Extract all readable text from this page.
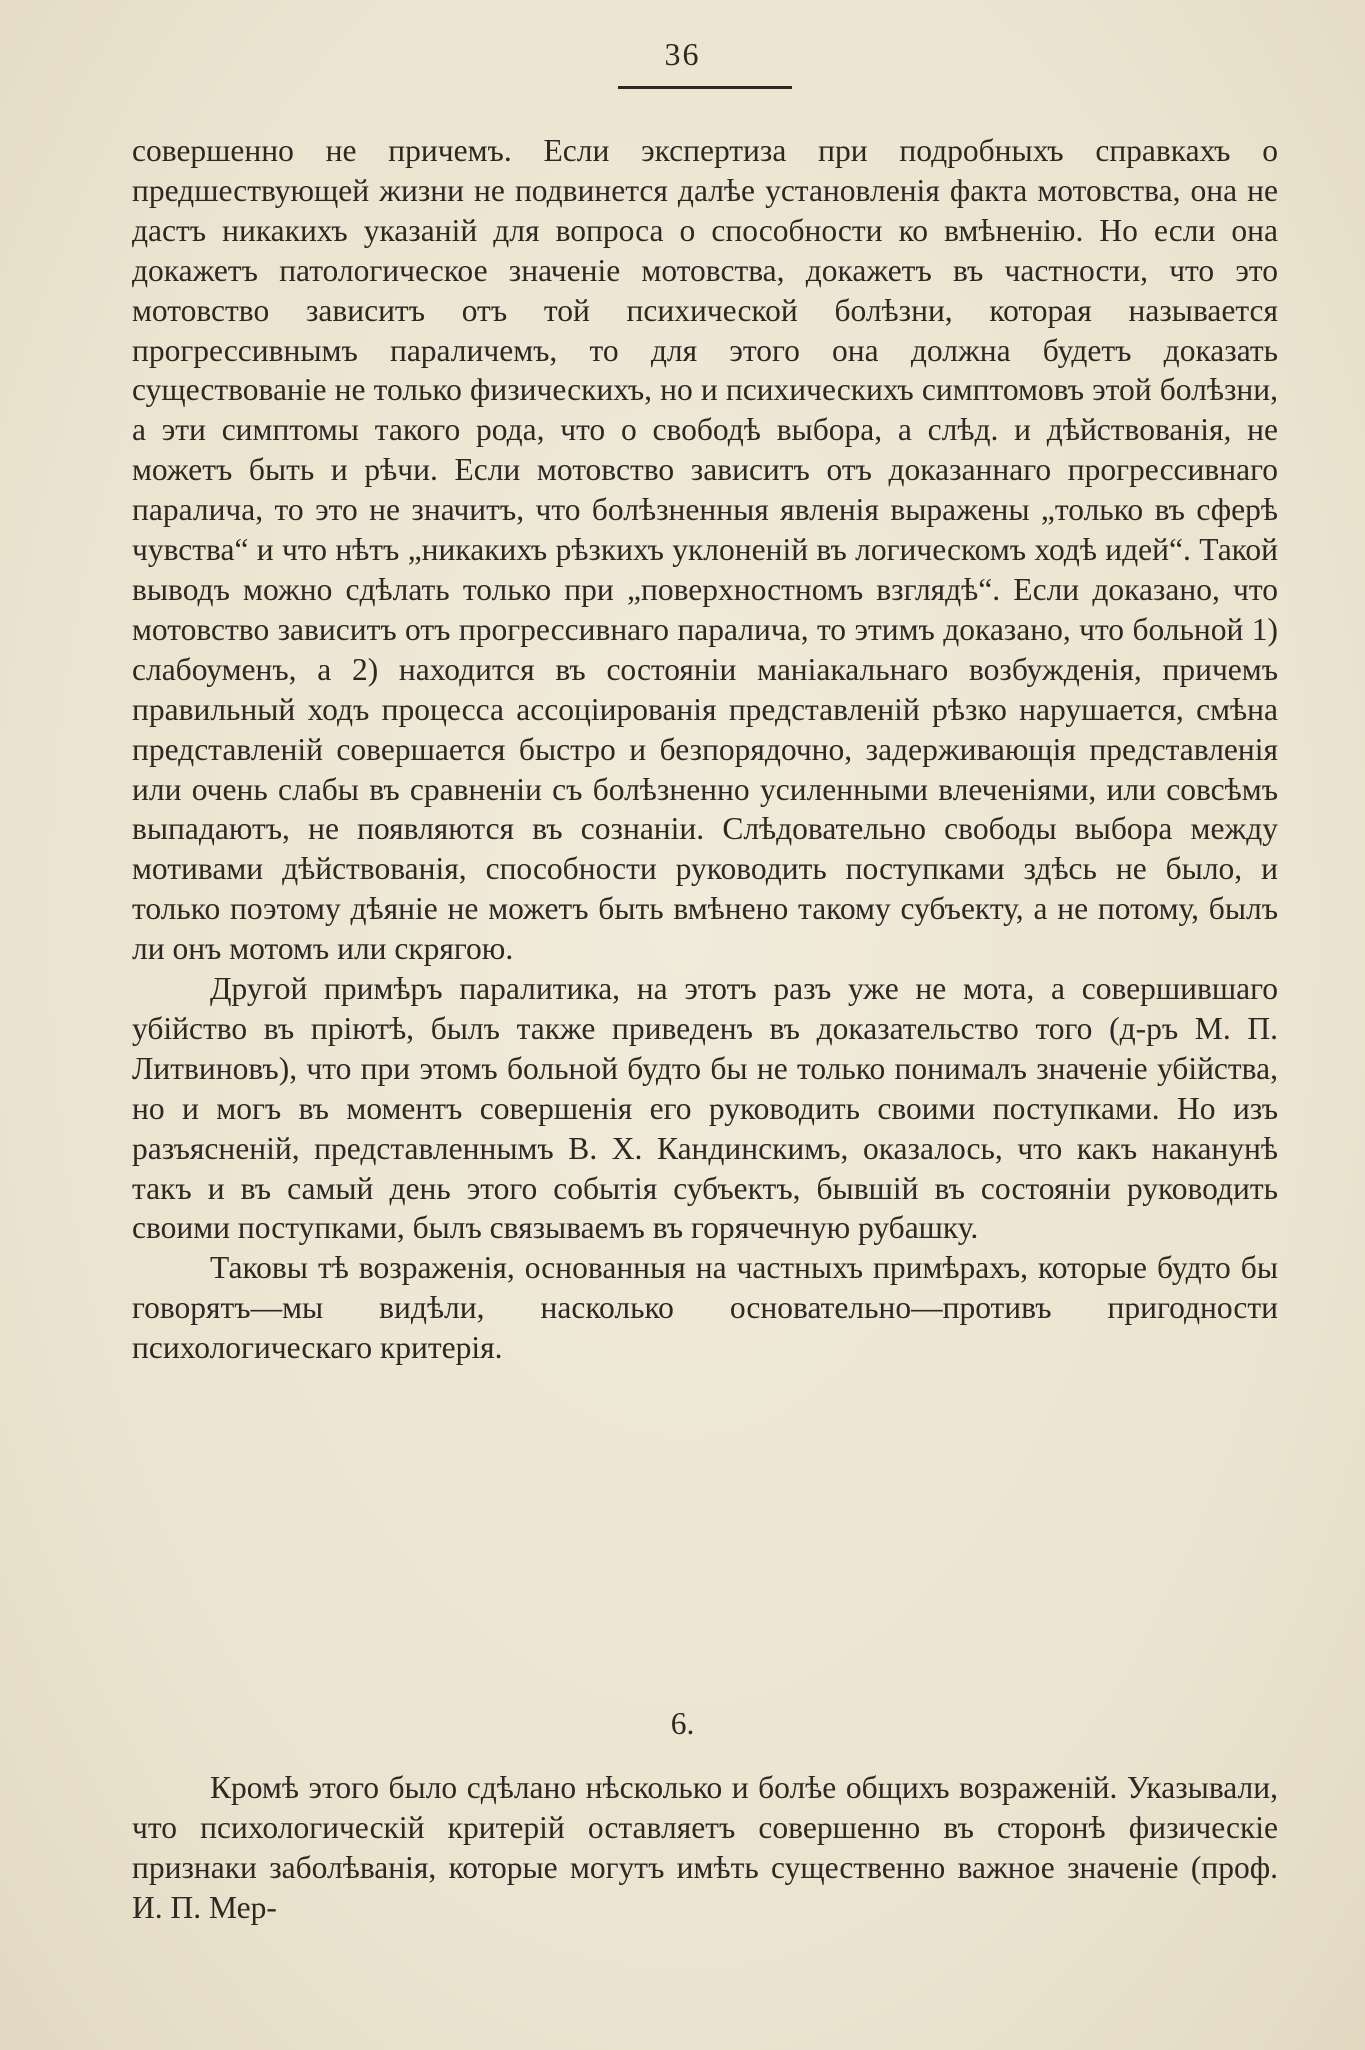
36

совершенно не причемъ. Если экспертиза при подробныхъ справкахъ о предшествующей жизни не подвинется далѣе установленія факта мотовства, она не дастъ никакихъ указаній для вопроса о способности ко вмѣненію. Но если она докажетъ патологическое значеніе мотовства, докажетъ въ частности, что это мотовство зависитъ отъ той психической болѣзни, которая называется прогрессивнымъ параличемъ, то для этого она должна будетъ доказать существованіе не только физическихъ, но и психическихъ симптомовъ этой болѣзни, а эти симптомы такого рода, что о свободѣ выбора, а слѣд. и дѣйствованія, не можетъ быть и рѣчи. Если мотовство зависитъ отъ доказаннаго прогрессивнаго паралича, то это не значитъ, что болѣзненныя явленія выражены „только въ сферѣ чувства“ и что нѣтъ „никакихъ рѣзкихъ уклоненій въ логическомъ ходѣ идей“. Такой выводъ можно сдѣлать только при „поверхностномъ взглядѣ“. Если доказано, что мотовство зависитъ отъ прогрессивнаго паралича, то этимъ доказано, что больной 1) слабоуменъ, а 2) находится въ состояніи маніакальнаго возбужденія, причемъ правильный ходъ процесса ассоціированія представленій рѣзко нарушается, смѣна представленій совершается быстро и безпорядочно, задерживающія представленія или очень слабы въ сравненіи съ болѣзненно усиленными влеченіями, или совсѣмъ выпадаютъ, не появляются въ сознаніи. Слѣдовательно свободы выбора между мотивами дѣйствованія, способности руководить поступками здѣсь не было, и только поэтому дѣяніе не можетъ быть вмѣнено такому субъекту, а не потому, былъ ли онъ мотомъ или скрягою.

Другой примѣръ паралитика, на этотъ разъ уже не мота, а совершившаго убійство въ пріютѣ, былъ также приведенъ въ доказательство того (д-ръ М. П. Литвиновъ), что при этомъ больной будто бы не только понималъ значеніе убійства, но и могъ въ моментъ совершенія его руководить своими поступками. Но изъ разъясненій, представленнымъ В. Х. Кандинскимъ, оказалось, что какъ наканунѣ такъ и въ самый день этого событія субъектъ, бывшій въ состояніи руководить своими поступками, былъ связываемъ въ горячечную рубашку.

Таковы тѣ возраженія, основанныя на частныхъ примѣрахъ, которые будто бы говорятъ—мы видѣли, насколько основательно—противъ пригодности психологическаго критерія.

6.

Кромѣ этого было сдѣлано нѣсколько и болѣе общихъ возраженій. Указывали, что психологическій критерій оставляетъ совершенно въ сторонѣ физическіе признаки заболѣванія, которые могутъ имѣть существенно важное значеніе (проф. И. П. Мер-
